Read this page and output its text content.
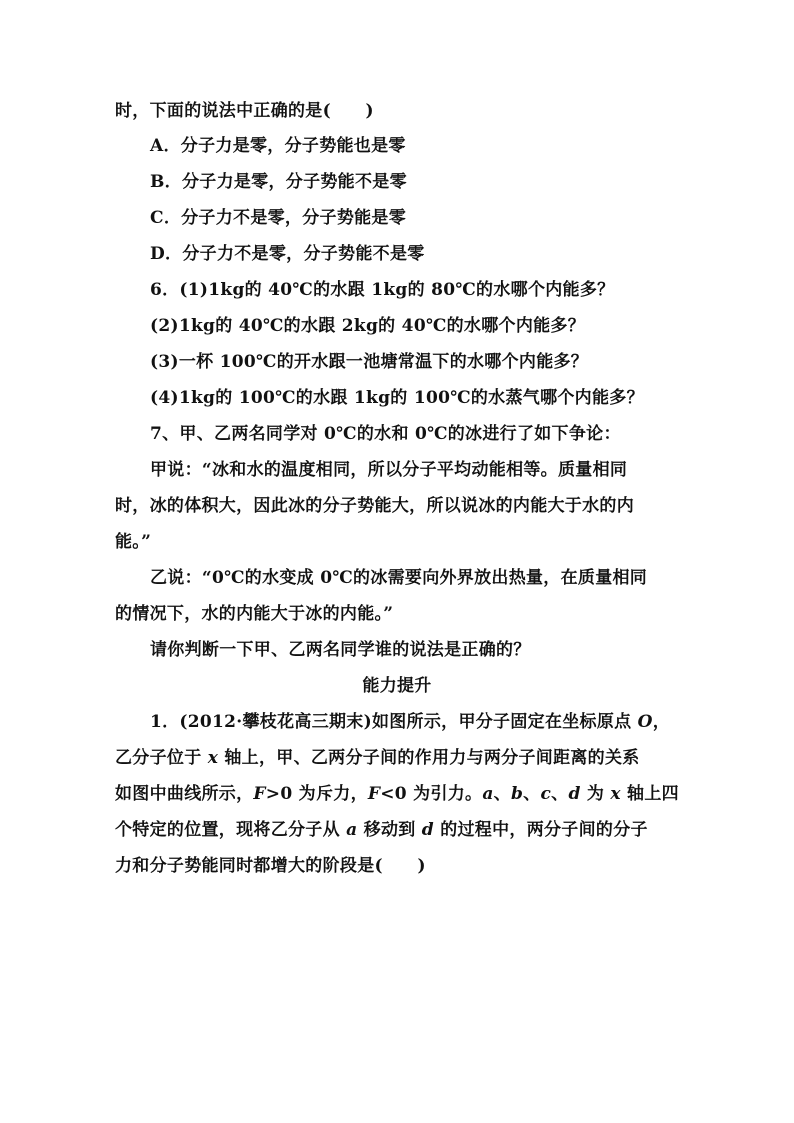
时，下面的说法中正确的是(　　)
A．分子力是零，分子势能也是零
B．分子力是零，分子势能不是零
C．分子力不是零，分子势能是零
D．分子力不是零，分子势能不是零
6．(1)1kg的 40℃的水跟 1kg的 80℃的水哪个内能多？
(2)1kg的 40℃的水跟 2kg的 40℃的水哪个内能多？
(3)一杯 100℃的开水跟一池塘常温下的水哪个内能多？
(4)1kg的 100℃的水跟 1kg的 100℃的水蒸气哪个内能多？
7、甲、乙两名同学对 0℃的水和 0℃的冰进行了如下争论：
甲说：“冰和水的温度相同，所以分子平均动能相等。质量相同
时，冰的体积大，因此冰的分子势能大，所以说冰的内能大于水的内
能。”
乙说：“0℃的水变成 0℃的冰需要向外界放出热量，在质量相同
的情况下，水的内能大于冰的内能。”
请你判断一下甲、乙两名同学谁的说法是正确的？
能力提升
1．(2012·攀枝花高三期末)如图所示，甲分子固定在坐标原点 O，
乙分子位于 x 轴上，甲、乙两分子间的作用力与两分子间距离的关系
如图中曲线所示，F>0 为斥力，F<0 为引力。a、b、c、d 为 x 轴上四
个特定的位置，现将乙分子从 a 移动到 d 的过程中，两分子间的分子
力和分子势能同时都增大的阶段是(　　)
